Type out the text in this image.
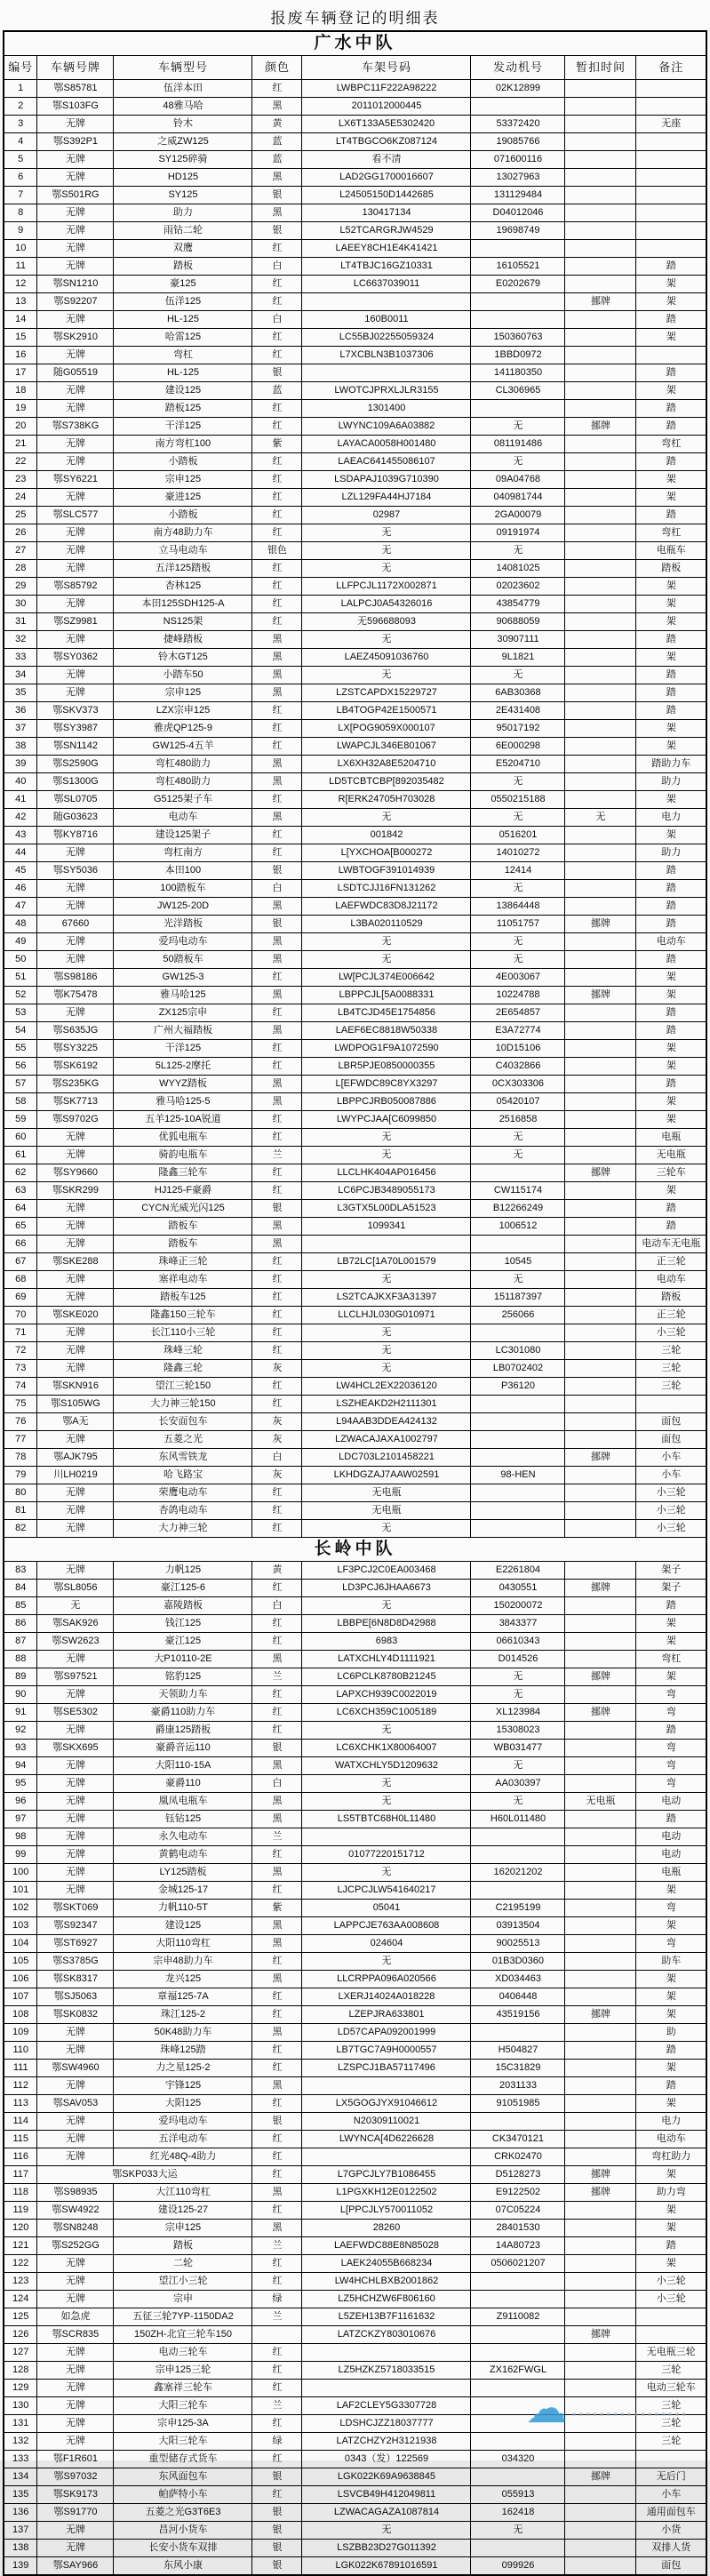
报废车辆登记的明细表
广水中队							
编号	车辆号牌	车辆型号	颜色	车架号码	发动机号	暂扣时间	备注
1	鄂S85781	伍洋本田	红	LWBPC11F222A98222	02K12899		
2	鄂S103FG	48雅马哈	黑	2011012000445			
3	无牌	铃木	黄	LX6T133A5E5302420	53372420		无座
4	鄂S392P1	之威ZW125	蓝	LT4TBGCO6KZ087124	19085766		
5	无牌	SY125碎骑	蓝	看不清	071600116		
6	无牌	HD125	黑	LAD2GG1700016607	13027963		
7	鄂S501RG	SY125	银	L24505150D1442685	131129484		
8	无牌	助力	黑	130417134	D04012046		
9	无牌	雨钻二轮	银	L52TCARGRJW4529	19698749		
10	无牌	双鹰	红	LAEEY8CH1E4K41421			
11	无牌	踏板	白	LT4TBJC16GZ10331	16105521		踏
12	鄂SN1210	豪125	红	LC6637039011	E0202679		架
13	鄂S92207	伍洋125	红			挪牌	架
14	无牌	HL-125	白	160B0011			踏
15	鄂SK2910	哈雷125	红	LC55BJ02255059324	150360763		架
16	无牌	弯杠	红	L7XCBLN3B1037306	1BBD0972		
17	随G05519	HL-125	银		141180350		踏
18	无牌	建设125	蓝	LWOTCJPRXLJLR3155	CL306965		架
19	无牌	踏板125	红	1301400			踏
20	鄂S738KG	干洋125	红	LWYNC109A6A03882	无	挪牌	踏
21	无牌	南方弯杠100	紫	LAYACA0058H001480	081191486		弯杠
22	无牌	小踏板	红	LAEAC641455086107	无		踏
23	鄂SY6221	宗申125	红	LSDAPAJ1039G710390	09A04768		架
24	无牌	豪进125	红	LZL129FA44HJ7184	040981744		架
25	鄂SLC577	小踏板	红	02987	2GA00079		踏
26	无牌	南方48助力车	红	无	09191974		弯杠
27	无牌	立马电动车	银色	无	无		电瓶车
28	无牌	五洋125踏板	红	无	14081025		踏板
29	鄂S85792	杏林125	红	LLFPCJL1172X002871	02023602		架
30	无牌	本田125SDH125-A	红	LALPCJ0A54326016	43854779		架
31	鄂SZ9981	NS125架	红	无596688093	90688059		架
32	无牌	捷峰踏板	黑	无	30907111		踏
33	鄂SY0362	铃木GT125	黑	LAEZ45091036760	9L1821		架
34	无牌	小踏车50	黑	无	无		踏
35	无牌	宗申125	黑	LZSTCAPDX15229727	6AB30368		踏
36	鄂SKV373	LZX宗申125	红	LB4TOGP42E1500571	2E431408		踏
37	鄂SY3987	雅虎QP125-9	红	LX[POG9059X000107	95017192		架
38	鄂SN1142	GW125-4五羊	红	LWAPCJL346E801067	6E000298		架
39	鄂S2590G	弯杠480助力	黑	LX6XH32A8E5204710	E5204710		踏助力车
40	鄂S1300G	弯杠480助力	黑	LD5TCBTCBP[892035482	无		助力
41	鄂SL0705	G5125架子车	红	R[ERK24705H703028	0550215188		架
42	随G03623	电动车	黑	无	无	无	电力
43	鄂KY8716	建设125架子	红	001842	0516201		架
44	无牌	弯杠南方	红	L[YXCHOA[B000272	14010272		助力
45	鄂SY5036	本田100	银	LWBTOGF391014939	12414		踏
46	无牌	100踏板车	白	LSDTCJJ16FN131262	无		踏
47	无牌	JW125-20D	黑	LAEFWDC83D8J21172	13864448		踏
48	67660	光洋踏板	银	L3BA020110529	11051757	挪牌	踏
49	无牌	爱玛电动车	黑	无	无		电动车
50	无牌	50踏板车	黑	无	无		踏
51	鄂S98186	GW125-3	红	LW[PCJL374E006642	4E003067		架
52	鄂K75478	雅马哈125	黑	LBPPCJL[5A0088331	10224788	挪牌	架
53	无牌	ZX125宗申	红	LB4TCJD45E1754856	2E654857		踏
54	鄂S635JG	广州大福踏板	黑	LAEF6EC8818W50338	E3A72774		踏
55	鄂SY3225	干洋125	红	LWDPOG1F9A1072590	10D15106		架
56	鄂SK6192	5L125-2摩托	红	LBR5PJE0850000355	C4032866		架
57	鄂S235KG	WYYZ踏板	黑	L[EFWDC89C8YX3297	0CX303306		踏
58	鄂SK7713	雅马哈125-5	黑	LBPPCJRB050087886	05420107		架
59	鄂S9702G	五羊125-10A锐道	红	LWYPCJAA[C6099850	2516858		架
60	无牌	优狐电瓶车	红	无	无		电瓶
61	无牌	骑韵电瓶车	兰	无	无		无电瓶
62	鄂SY9660	隆鑫三轮车	红	LLCLHK404AP016456		挪牌	三轮车
63	鄂SKR299	HJ125-F豪爵	红	LC6PCJB3489055173	CW115174		架
64	无牌	CYCN光威光闪125	银	L3GTX5L00DLA51523	B12266249		踏
65	无牌	踏板车	黑	1099341	1006512		踏
66	无牌	踏板车	黑				电动车无电瓶
67	鄂SKE288	珠峰正三轮	红	LB72LC[1A70L001579	10545		正三轮
68	无牌	塞祥电动车	红	无	无		电动车
69	无牌	踏板车125	红	LS2TCAJKXF3A31397	151187397		踏板
70	鄂SKE020	隆鑫150三轮车	红	LLCLHJL030G010971	256066		正三轮
71	无牌	长江110小三轮	红	无			小三轮
72	无牌	珠峰三轮	红	无	LC301080		三轮
73	无牌	隆鑫三轮	灰	无	LB0702402		三轮
74	鄂SKN916	望江三轮150	红	LW4HCL2EX22036120	P36120		三轮
75	鄂S105WG	大力神三轮150	红	LSZHEAKD2H2111301			
76	鄂A无	长安面包车	灰	L94AAB3DDEA424132			面包
77	无牌	五菱之光	灰	LZWACAJAXA1002797			面包
78	鄂AJK795	东风雪铁龙	白	LDC703L2101458221		挪牌	小车
79	川LH0219	哈飞路宝	灰	LKHDGZAJ7AAW02591	98-HEN		小车
80	无牌	荣鹰电动车	红	无电瓶			小三轮
81	无牌	杏鸽电动车	红	无电瓶			小三轮
82	无牌	大力神三轮	红	无			小三轮
长岭中队							
83	无牌	力帆125	黄	LF3PCJ2C0EA003468	E2261804		架子
84	鄂SL8056	豪江125-6	红	LD3PCJ6JHAA6673	0430551	挪牌	架子
85	无	嘉陵踏板	白	无	150200072		踏
86	鄂SAK926	钱江125	红	LBBPE[6N8D8D42988	3843377		架
87	鄂SW2623	豪江125	红	6983	06610343		架
88	无牌	大P10110-2E	黑	LATXCHLY4D1111921	D014526		弯杠
89	鄂S97521	铭豹125	兰	LC6PCLK8780B21245	无	挪牌	架
90	无牌	天领助力车	红	LAPXCH939C0022019	无		弯
91	鄂SE5302	豪爵110助力车	红	LC6XCH359C1005189	XL123984	挪牌	弯
92	无牌	爵康125踏板	红	无	15308023		踏
93	鄂SKX695	豪爵音运110	银	LC6XCHK1X80064007	WB031477		弯
94	无牌	大阳110-15A	黑	WATXCHLY5D1209632	无		弯
95	无牌	豪爵110	白	无	AA030397		弯
96	无牌	凰凤电瓶车	黑	无	无	无电瓶	电动
97	无牌	钰钻125	黑	LS5TBTC68H0L11480	H60L011480		踏
98	无牌	永久电动车	兰				电动
99	无牌	黄鹤电动车	红	01077220151712			电动
100	无牌	LY125踏板	黑	无	162021202		电瓶
101	无牌	金城125-17	红	LJCPCJLW541640217			架
102	鄂SKT069	力帆110-5T	紫	05041	C2195199		弯
103	鄂S92347	建设125	黑	LAPPCJE763AA008608	03913504		架
104	鄂ST6927	大阳110弯杠	黑	024604	90025513		弯
105	鄂S3785G	宗申48助力车	红	无	01B3D0360		助车
106	鄂SK8317	龙兴125	黑	LLCRPPA096A020566	XD034463		架
107	鄂SJ5063	章福125-7A	红	LXERJ14024A018228	0406448		架
108	鄂SK0832	珠江125-2	红	LZEPJRA633801	43519156	挪牌	架
109	无牌	50K48助力车	黑	LD57CAPA092001999			助
110	无牌	珠峰125踏	红	LB7TGC7A9H0000557	H504827		踏
111	鄂SW4960	力之星125-2	红	LZSPCJ1BA57117496	15C31829		架
112	无牌	宇锋125	黑		2031133		踏
113	鄂SAV053	大阳125	红	LX5GOGJYX91046612	91051985		架
114	无牌	爱玛电动车	银	N20309110021			电力
115	无牌	五洋电动车	红	LWYNCA[4D6226628	CK3470121		电动车
116	无牌	红光48Q-4助力	红		CRK02470		弯杠助力
117	鄂SKP033大运		红	L7GPCJLY7B1086455	D5128273	挪牌	架
118	鄂S98935	大江110弯杠	黑	L1PGXKH12E0122502	E9122502	挪牌	助力弯
119	鄂SW4922	建设125-27	红	L[PPCJLY570011052	07C05224		架
120	鄂SN8248	宗申125	黑	28260	28401530		架
121	鄂S252GG	踏板	兰	LAEFWDC88E8N85028	14A80723		踏
122	无牌	二轮	红	LAEK24055B668234	0506021207		架
123	无牌	望江小三轮	红	LW4HCHLBXB2001862			小三轮
124	无牌	宗申	绿	LZ5HCHZW6F806160			小三轮
125	如急虎	五征三轮7YP-1150DA2	兰	L5ZEH13B7F1161632	Z9110082		
126	鄂SCR835	150ZH-北宜三轮车150		LATZCKZY803010676		挪牌	
127	无牌	电动三轮车	红				无电瓶三轮
128	无牌	宗申125三轮	红	LZ5HZKZ5718033515	ZX162FWGL		三轮
129	无牌	鑫塞祥三轮车	红				电动三轮车
130	无牌	大阳三轮车	兰	LAF2CLEY5G3307728			三轮
131	无牌	宗申125-3A	红	LDSHCJZZ18037777			三轮
132	无牌	大阳三轮车	绿	LATZCHZY2H3121938			三轮
133	鄂F1R601	重型储存式货车	红	0343（发）122569	034320		
134	鄂S97032	东风面包车	银	LGK022K69A9638845		挪牌	无后门
135	鄂SK9173	帕萨特小车	红	LSVCB49H412049811	055913		小车
136	鄂S91770	五菱之光G3T6E3	银	LZWACAGAZA1087814	162418		通用面包车
137	无牌	昌河小货车	银	无	无		小货
138	无牌	长安小货车双排	银	LSZBB23D27G011392			双排人货
139	鄂SAY966	东风小康	银	LGK022K67891016591	099926		面包
☁
